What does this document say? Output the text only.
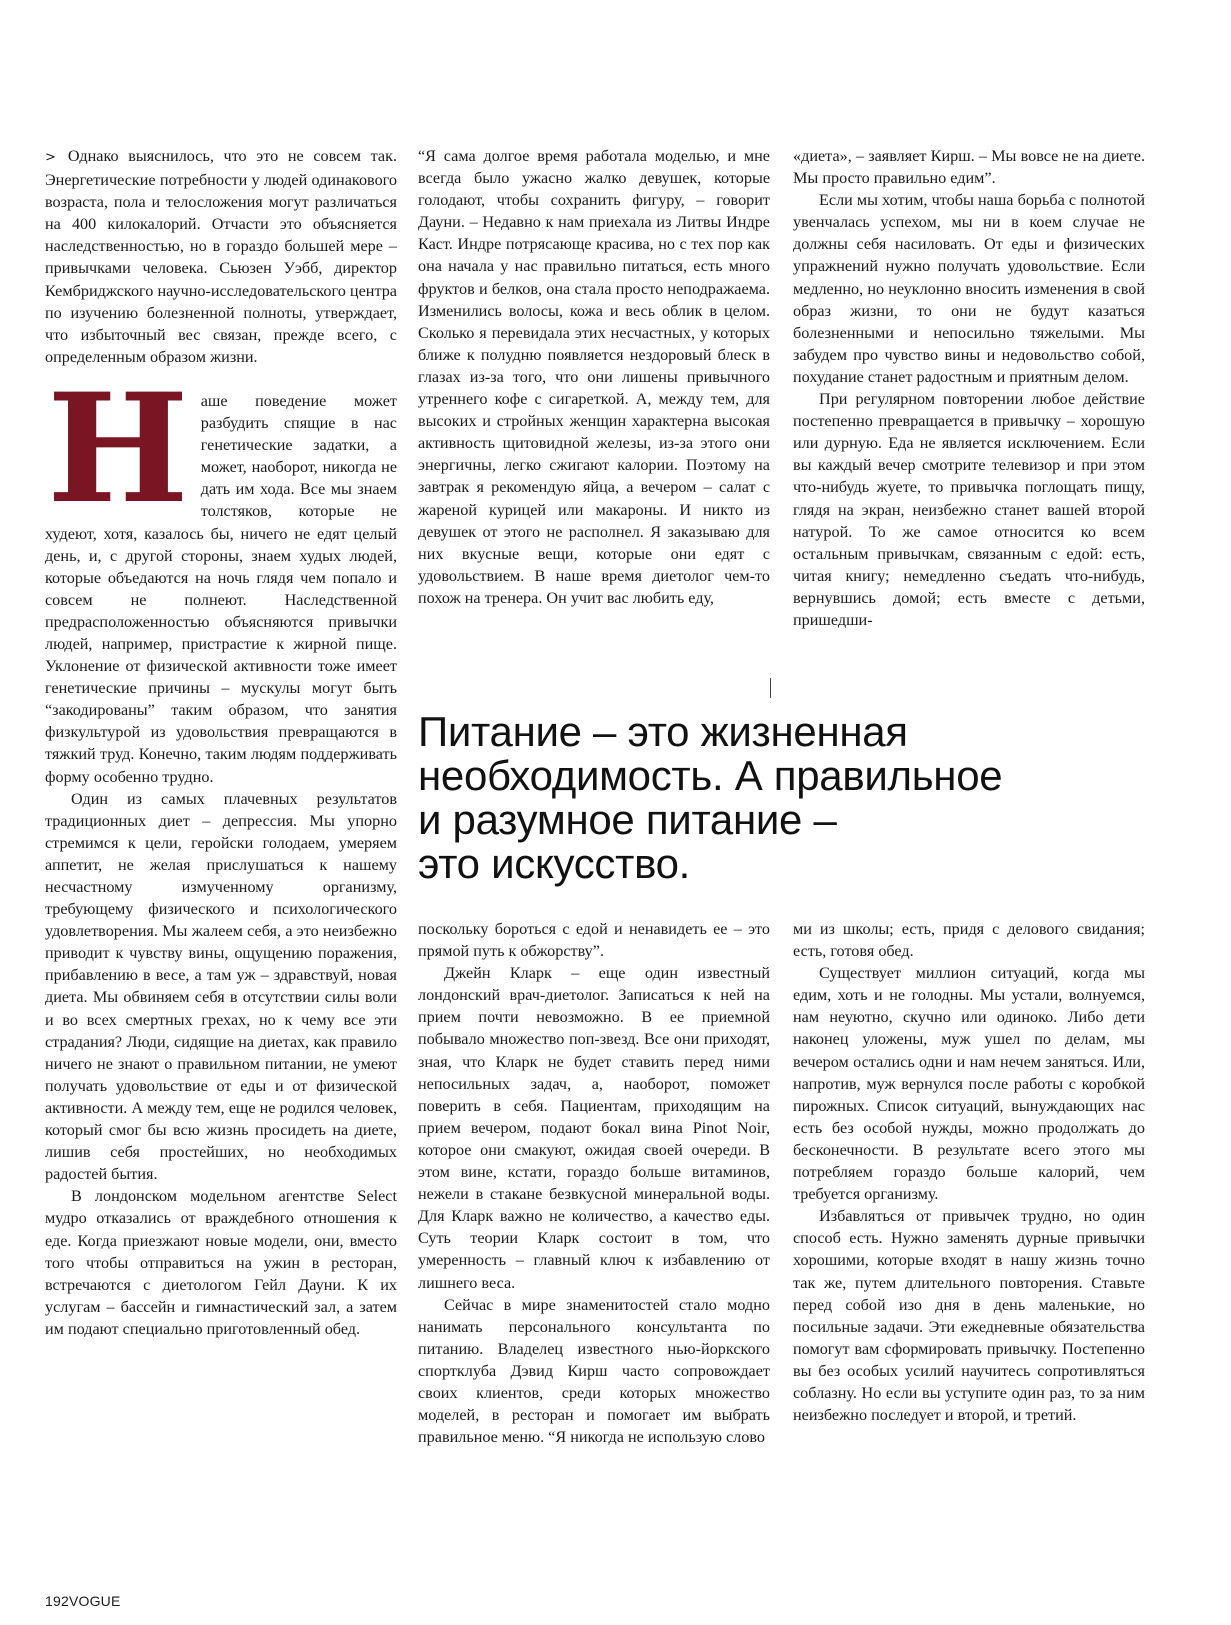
> Однако выяснилось, что это не совсем так. Энергетические потребности у людей одинакового возраста, пола и телосложения могут различаться на 400 килокалорий. Отчасти это объясняется наследственностью, но в гораздо большей мере – привычками человека. Сьюзен Уэбб, директор Кембриджского научно-исследовательского центра по изучению болезненной полноты, утверждает, что избыточный вес связан, прежде всего, с определенным образом жизни.

Наше поведение может разбудить спящие в нас генетические задатки, а может, наоборот, никогда не дать им хода. Все мы знаем толстяков, которые не худеют, хотя, казалось бы, ничего не едят целый день, и, с другой стороны, знаем худых людей, которые объедаются на ночь глядя чем попало и совсем не полнеют. Наследственной предрасположенностью объясняются привычки людей, например, пристрастие к жирной пище. Уклонение от физической активности тоже имеет генетические причины – мускулы могут быть “закодированы” таким образом, что занятия физкультурой из удовольствия превращаются в тяжкий труд. Конечно, таким людям поддерживать форму особенно трудно.

Один из самых плачевных результатов традиционных диет – депрессия. Мы упорно стремимся к цели, геройски голодаем, умеряем аппетит, не желая прислушаться к нашему несчастному измученному организму, требующему физического и психологического удовлетворения. Мы жалеем себя, а это неизбежно приводит к чувству вины, ощущению поражения, прибавлению в весе, а там уж – здравствуй, новая диета. Мы обвиняем себя в отсутствии силы воли и во всех смертных грехах, но к чему все эти страдания? Люди, сидящие на диетах, как правило ничего не знают о правильном питании, не умеют получать удовольствие от еды и от физической активности. А между тем, еще не родился человек, который смог бы всю жизнь просидеть на диете, лишив себя простейших, но необходимых радостей бытия.

В лондонском модельном агентстве Select мудро отказались от враждебного отношения к еде. Когда приезжают новые модели, они, вместо того чтобы отправиться на ужин в ресторан, встречаются с диетологом Гейл Дауни. К их услугам – бассейн и гимнастический зал, а затем им подают специально приготовленный обед.

“Я сама долгое время работала моделью, и мне всегда было ужасно жалко девушек, которые голодают, чтобы сохранить фигуру, – говорит Дауни. – Недавно к нам приехала из Литвы Индре Каст. Индре потрясающе красива, но с тех пор как она начала у нас правильно питаться, есть много фруктов и белков, она стала просто неподражаема. Изменились волосы, кожа и весь облик в целом. Сколько я перевидала этих несчастных, у которых ближе к полудню появляется нездоровый блеск в глазах из-за того, что они лишены привычного утреннего кофе с сигареткой. А, между тем, для высоких и стройных женщин характерна высокая активность щитовидной железы, из-за этого они энергичны, легко сжигают калории. Поэтому на завтрак я рекомендую яйца, а вечером – салат с жареной курицей или макароны. И никто из девушек от этого не располнел. Я заказываю для них вкусные вещи, которые они едят с удовольствием. В наше время диетолог чем-то похож на тренера. Он учит вас любить еду,

«диета», – заявляет Кирш. – Мы вовсе не на диете. Мы просто правильно едим”.

Если мы хотим, чтобы наша борьба с полнотой увенчалась успехом, мы ни в коем случае не должны себя насиловать. От еды и физических упражнений нужно получать удовольствие. Если медленно, но неуклонно вносить изменения в свой образ жизни, то они не будут казаться болезненными и непосильно тяжелыми. Мы забудем про чувство вины и недовольство собой, похудание станет радостным и приятным делом.

При регулярном повторении любое действие постепенно превращается в привычку – хорошую или дурную. Еда не является исключением. Если вы каждый вечер смотрите телевизор и при этом что-нибудь жуете, то привычка поглощать пищу, глядя на экран, неизбежно станет вашей второй натурой. То же самое относится ко всем остальным привычкам, связанным с едой: есть, читая книгу; немедленно съедать что-нибудь, вернувшись домой; есть вместе с детьми, пришедши-

Питание – это жизненная
необходимость. А правильное
и разумное питание –
это искусство.

поскольку бороться с едой и ненавидеть ее – это прямой путь к обжорству”.

Джейн Кларк – еще один известный лондонский врач-диетолог. Записаться к ней на прием почти невозможно. В ее приемной побывало множество поп-звезд. Все они приходят, зная, что Кларк не будет ставить перед ними непосильных задач, а, наоборот, поможет поверить в себя. Пациентам, приходящим на прием вечером, подают бокал вина Pinot Noir, которое они смакуют, ожидая своей очереди. В этом вине, кстати, гораздо больше витаминов, нежели в стакане безвкусной минеральной воды. Для Кларк важно не количество, а качество еды. Суть теории Кларк состоит в том, что умеренность – главный ключ к избавлению от лишнего веса.

Сейчас в мире знаменитостей стало модно нанимать персонального консультанта по питанию. Владелец известного нью-йоркского спортклуба Дэвид Кирш часто сопровождает своих клиентов, среди которых множество моделей, в ресторан и помогает им выбрать правильное меню. “Я никогда не использую слово

ми из школы; есть, придя с делового свидания; есть, готовя обед.

Существует миллион ситуаций, когда мы едим, хоть и не голодны. Мы устали, волнуемся, нам неуютно, скучно или одиноко. Либо дети наконец уложены, муж ушел по делам, мы вечером остались одни и нам нечем заняться. Или, напротив, муж вернулся после работы с коробкой пирожных. Список ситуаций, вынуждающих нас есть без особой нужды, можно продолжать до бесконечности. В результате всего этого мы потребляем гораздо больше калорий, чем требуется организму.

Избавляться от привычек трудно, но один способ есть. Нужно заменять дурные привычки хорошими, которые входят в нашу жизнь точно так же, путем длительного повторения. Ставьте перед собой изо дня в день маленькие, но посильные задачи. Эти ежедневные обязательства помогут вам сформировать привычку. Постепенно вы без особых усилий научитесь сопротивляться соблазну. Но если вы уступите один раз, то за ним неизбежно последует и второй, и третий.

192VOGUE
